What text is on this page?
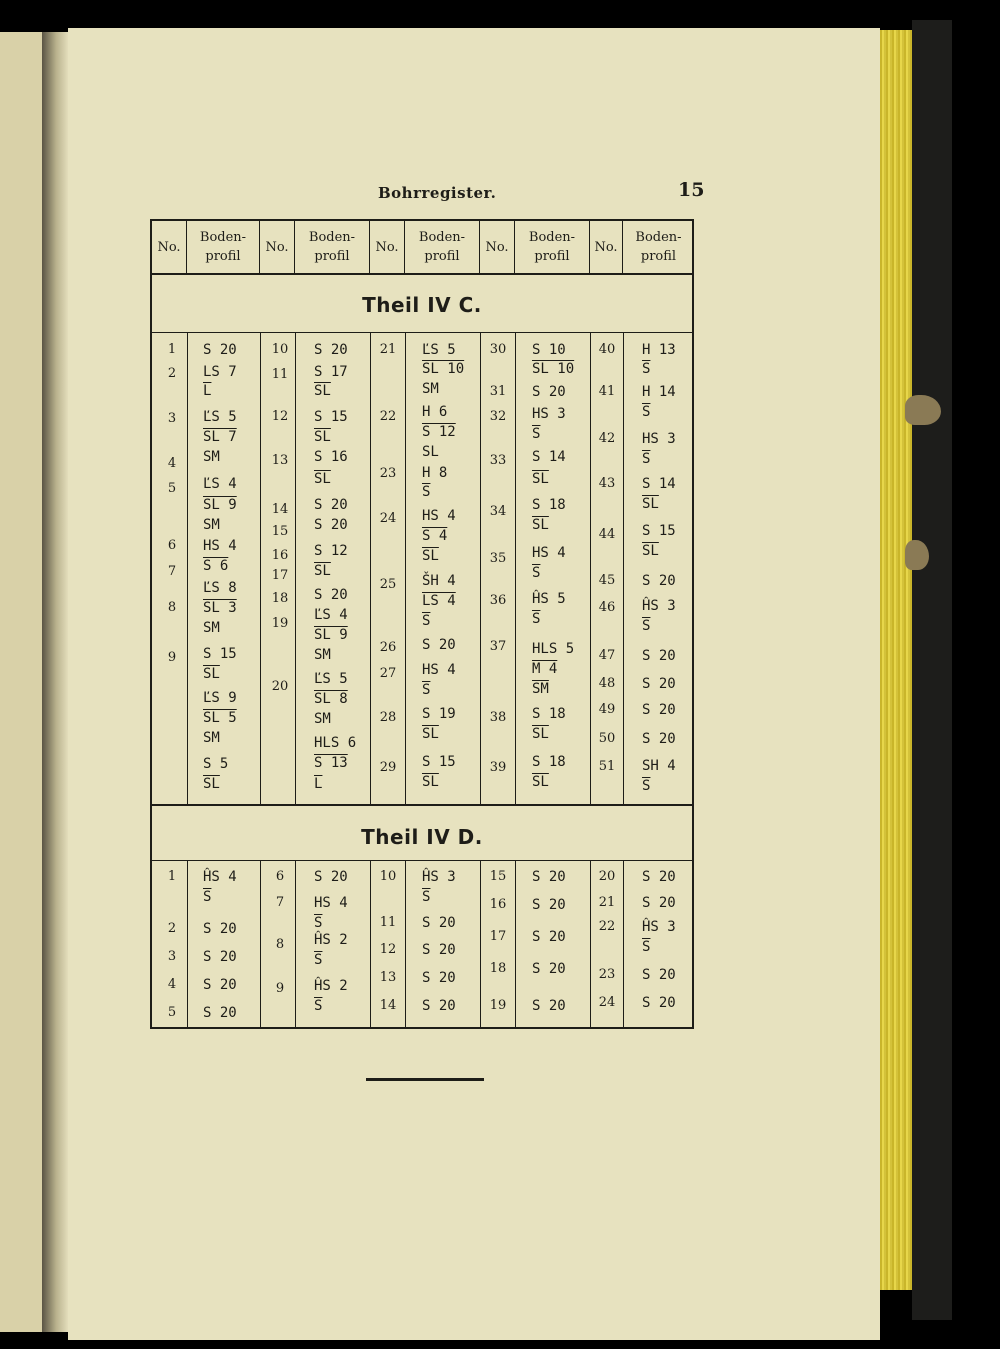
Bohrregister.	15
No.
Boden-profil
No.
Boden-profil
No.
Boden-profil
No.
Boden-profil
No.
Boden-profil
Theil IV C.
Theil IV D.
1
2
3
4
5
6
7
8
9
10
11
12
13
14
15
16
17
18
19
20
21
22
23
24
25
26
27
28
29
30
31
32
33
34
35
36
37
38
39
40
41
42
43
44
45
46
47
48
49
50
51
S 20
LS 7
$\overline{L}$
ĽS 5
SL 7
SM
ĽS 4
SL 9
SM
HS 4
S 6
ĽS 8
SL 3
SM
S 15
$\overline{SL}$
ĽS 9
SL 5
SM
S 5
$\overline{SL}$
S 20
S 17
$\overline{SL}$
S 15
$\overline{SL}$
S 16
$\overline{SL}$
S 20
S 20
S 12
$\overline{SL}$
S 20
ĽS 4
SL 9
SM
ĽS 5
SL 8
SM
HLS 6
S 13
$\overline{L}$
ĽS 5
SL 10
SM
H 6
S 12
SL
H 8
$\overline{S}$
HS 4
S 4
$\overline{SL}$
ŠH 4
LS 4
$\overline{S}$
S 20
HS 4
$\overline{S}$
S 19
$\overline{SL}$
S 15
$\overline{SL}$
S 10
SL 10
S 20
HS 3
$\overline{S}$
S 14
$\overline{SL}$
S 18
$\overline{SL}$
HS 4
$\overline{S}$
ĤS 5
$\overline{S}$
HLS 5
M 4
$\overline{SM}$
S 18
$\overline{SL}$
S 18
$\overline{SL}$
H 13
$\overline{S}$
H 14
$\overline{S}$
HS 3
$\overline{S}$
S 14
$\overline{SL}$
S 15
$\overline{SL}$
S 20
ĤS 3
$\overline{S}$
S 20
S 20
S 20
S 20
SH 4
$\overline{S}$
1
2
3
4
5
6
7
8
9
10
11
12
13
14
15
16
17
18
19
20
21
22
23
24
ĤS 4
$\overline{S}$
S 20
S 20
S 20
S 20
S 20
HS 4
$\overline{S}$
ĤS 2
$\overline{S}$
ĤS 2
$\overline{S}$
ĤS 3
$\overline{S}$
S 20
S 20
S 20
S 20
S 20
S 20
S 20
S 20
S 20
S 20
S 20
ĤS 3
$\overline{S}$
S 20
S 20
